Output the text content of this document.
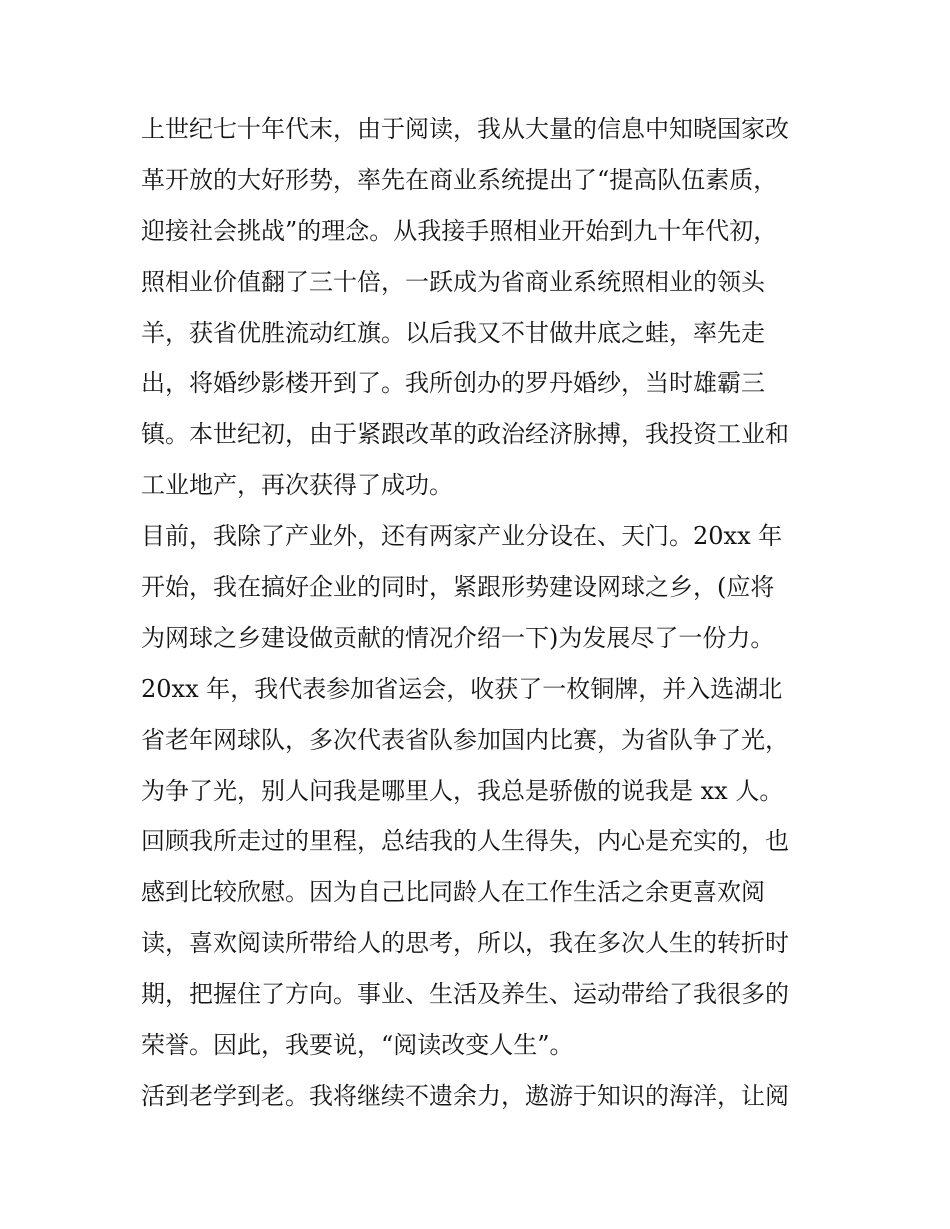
上世纪七十年代末，由于阅读，我从大量的信息中知晓国家改
革开放的大好形势，率先在商业系统提出了“提高队伍素质，
迎接社会挑战”的理念。从我接手照相业开始到九十年代初，
照相业价值翻了三十倍，一跃成为省商业系统照相业的领头
羊，获省优胜流动红旗。以后我又不甘做井底之蛙，率先走
出，将婚纱影楼开到了。我所创办的罗丹婚纱，当时雄霸三
镇。本世纪初，由于紧跟改革的政治经济脉搏，我投资工业和
工业地产，再次获得了成功。
目前，我除了产业外，还有两家产业分设在、天门。20xx 年
开始，我在搞好企业的同时，紧跟形势建设网球之乡，(应将
为网球之乡建设做贡献的情况介绍一下)为发展尽了一份力。
20xx 年，我代表参加省运会，收获了一枚铜牌，并入选湖北
省老年网球队，多次代表省队参加国内比赛，为省队争了光，
为争了光，别人问我是哪里人，我总是骄傲的说我是 xx 人。
回顾我所走过的里程，总结我的人生得失，内心是充实的，也
感到比较欣慰。因为自己比同龄人在工作生活之余更喜欢阅
读，喜欢阅读所带给人的思考，所以，我在多次人生的转折时
期，把握住了方向。事业、生活及养生、运动带给了我很多的
荣誉。因此，我要说，“阅读改变人生”。
活到老学到老。我将继续不遗余力，遨游于知识的海洋，让阅
